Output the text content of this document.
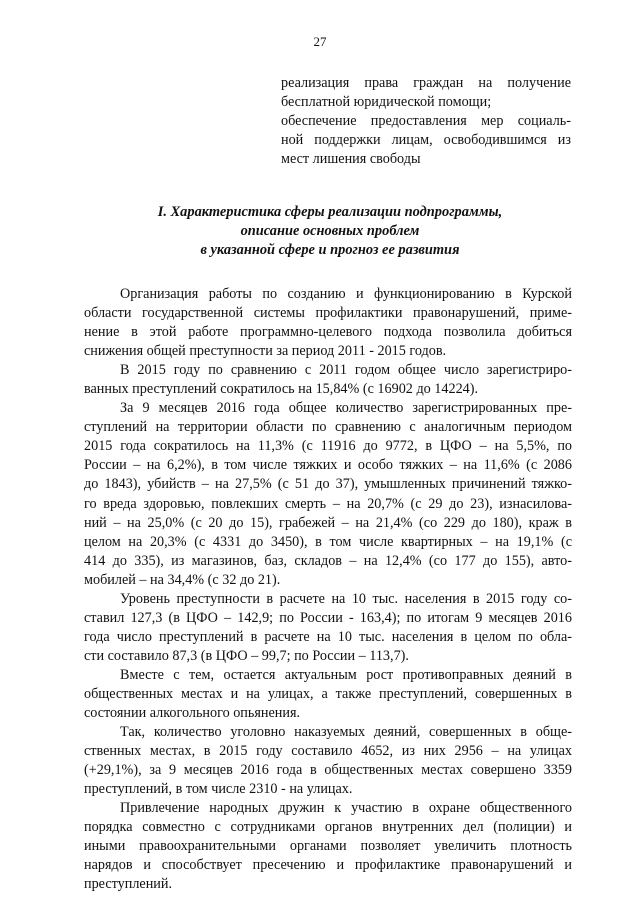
27
реализация права граждан на получение
бесплатной юридической помощи;
обеспечение предоставления мер социаль-
ной поддержки лицам, освободившимся из
мест лишения свободы
I. Характеристика сферы реализации подпрограммы,
описание основных проблем
в указанной сфере и прогноз ее развития
Организация работы по созданию и функционированию в Курской
области государственной системы профилактики правонарушений, приме-
нение в этой работе программно-целевого подхода позволила добиться
снижения общей преступности за период 2011 - 2015 годов.
В 2015 году по сравнению с 2011 годом общее число зарегистриро-
ванных преступлений сократилось на 15,84% (с 16902 до 14224).
За 9 месяцев 2016 года общее количество зарегистрированных пре-
ступлений на территории области по сравнению с аналогичным периодом
2015 года сократилось на 11,3% (с 11916 до 9772, в ЦФО – на 5,5%, по
России – на 6,2%), в том числе тяжких и особо тяжких – на 11,6% (с 2086
до 1843), убийств – на 27,5% (с 51 до 37), умышленных причинений тяжко-
го вреда здоровью, повлекших смерть – на 20,7% (с 29 до 23), изнасилова-
ний – на 25,0% (с 20 до 15), грабежей – на 21,4% (со 229 до 180), краж в
целом на 20,3% (с 4331 до 3450), в том числе квартирных – на 19,1% (с
414 до 335), из магазинов, баз, складов – на 12,4% (со 177 до 155), авто-
мобилей – на 34,4% (с 32 до 21).
Уровень преступности в расчете на 10 тыс. населения в 2015 году со-
ставил 127,3 (в ЦФО – 142,9; по России - 163,4); по итогам 9 месяцев 2016
года число преступлений в расчете на 10 тыс. населения в целом по обла-
сти составило 87,3 (в ЦФО – 99,7; по России – 113,7).
Вместе с тем, остается актуальным рост противоправных деяний в
общественных местах и на улицах, а также преступлений, совершенных в
состоянии алкогольного опьянения.
Так, количество уголовно наказуемых деяний, совершенных в обще-
ственных местах, в 2015 году составило 4652, из них 2956 – на улицах
(+29,1%), за 9 месяцев 2016 года в общественных местах совершено 3359
преступлений, в том числе 2310 - на улицах.
Привлечение народных дружин к участию в охране общественного
порядка совместно с сотрудниками органов внутренних дел (полиции) и
иными правоохранительными органами позволяет увеличить плотность
нарядов и способствует пресечению и профилактике правонарушений и
преступлений.
